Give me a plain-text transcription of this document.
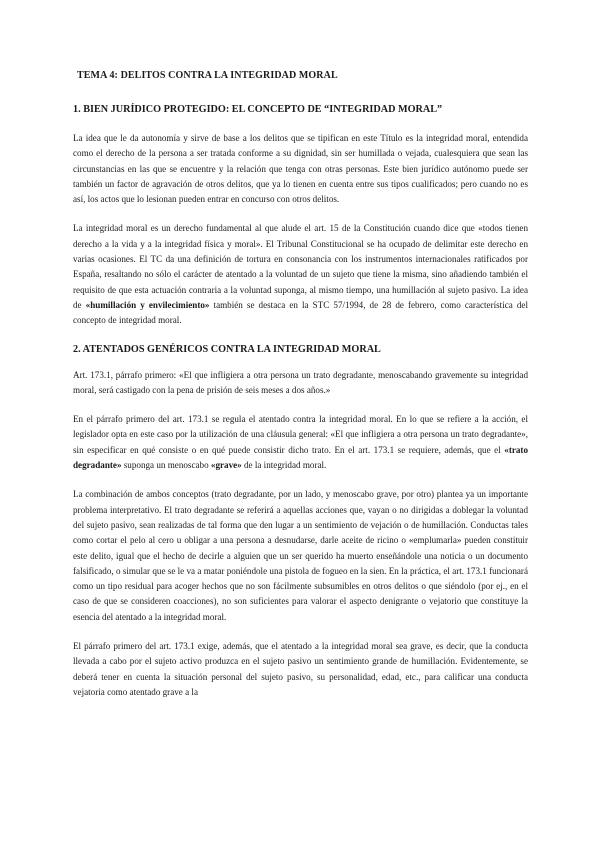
TEMA 4: DELITOS CONTRA LA INTEGRIDAD MORAL
1. BIEN JURÍDICO PROTEGIDO: EL CONCEPTO DE “INTEGRIDAD MORAL”

La idea que le da autonomía y sirve de base a los delitos que se tipifican en este Título es la integridad moral, entendida como el derecho de la persona a ser tratada conforme a su dignidad, sin ser humillada o vejada, cualesquiera que sean las circunstancias en las que se encuentre y la relación que tenga con otras personas. Este bien jurídico autónomo puede ser también un factor de agravación de otros delitos, que ya lo tienen en cuenta entre sus tipos cualificados; pero cuando no es así, los actos que lo lesionan pueden entrar en concurso con otros delitos.

La integridad moral es un derecho fundamental al que alude el art. 15 de la Constitución cuando dice que «todos tienen derecho a la vida y a la integridad física y moral». El Tribunal Constitucional se ha ocupado de delimitar este derecho en varias ocasiones. El TC da una definición de tortura en consonancia con los instrumentos internacionales ratificados por España, resaltando no sólo el carácter de atentado a la voluntad de un sujeto que tiene la misma, sino añadiendo también el requisito de que esta actuación contraria a la voluntad suponga, al mismo tiempo, una humillación al sujeto pasivo. La idea de «humillación y envilecimiento» también se destaca en la STC 57/1994, de 28 de febrero, como característica del concepto de integridad moral.

2. ATENTADOS GENÉRICOS CONTRA LA INTEGRIDAD MORAL

Art. 173.1, párrafo primero: «El que infligiera a otra persona un trato degradante, menoscabando gravemente su integridad moral, será castigado con la pena de prisión de seis meses a dos años.»

En el párrafo primero del art. 173.1 se regula el atentado contra la integridad moral. En lo que se refiere a la acción, el legislador opta en este caso por la utilización de una cláusula general: «El que infligiera a otra persona un trato degradante», sin especificar en qué consiste o en qué puede consistir dicho trato. En el art. 173.1 se requiere, además, que el «trato degradante» suponga un menoscabo «grave» de la integridad moral.

La combinación de ambos conceptos (trato degradante, por un lado, y menoscabo grave, por otro) plantea ya un importante problema interpretativo. El trato degradante se referirá a aquellas acciones que, vayan o no dirigidas a doblegar la voluntad del sujeto pasivo, sean realizadas de tal forma que den lugar a un sentimiento de vejación o de humillación. Conductas tales como cortar el pelo al cero u obligar a una persona a desnudarse, darle aceite de ricino o «emplumarla» pueden constituir este delito, igual que el hecho de decirle a alguien que un ser querido ha muerto enseñándole una noticia o un documento falsificado, o simular que se le va a matar poniéndole una pistola de fogueo en la sien. En la práctica, el art. 173.1 funcionará como un tipo residual para acoger hechos que no son fácilmente subsumibles en otros delitos o que siéndolo (por ej., en el caso de que se consideren coacciones), no son suficientes para valorar el aspecto denigrante o vejatorio que constituye la esencia del atentado a la integridad moral.

El párrafo primero del art. 173.1 exige, además, que el atentado a la integridad moral sea grave, es decir, que la conducta llevada a cabo por el sujeto activo produzca en el sujeto pasivo un sentimiento grande de humillación. Evidentemente, se deberá tener en cuenta la situación personal del sujeto pasivo, su personalidad, edad, etc., para calificar una conducta vejatoria como atentado grave a la
